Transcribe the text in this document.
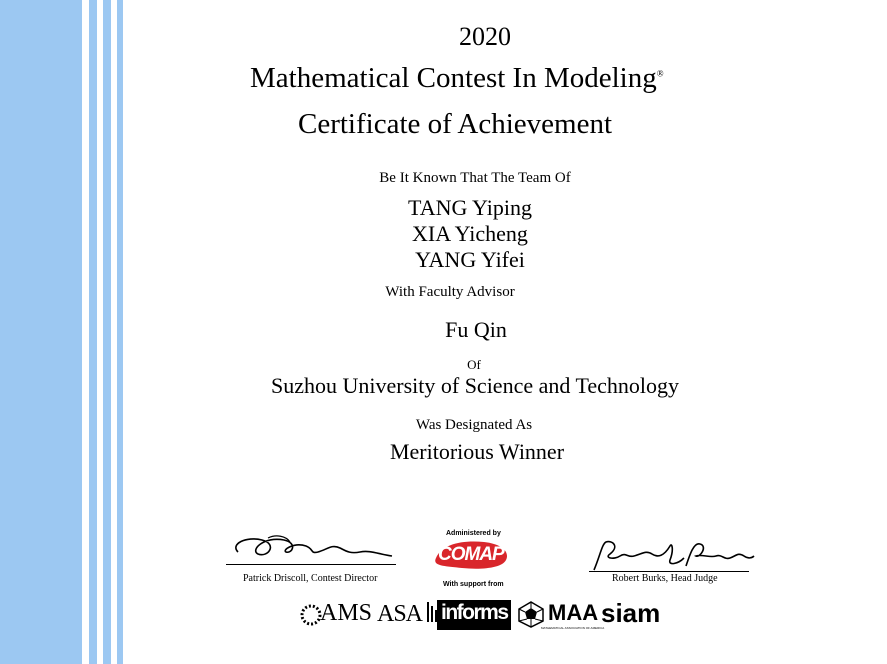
2020
Mathematical Contest In Modeling®
Certificate of Achievement
Be It Known That The Team Of
TANG Yiping
XIA Yicheng
YANG Yifei
With Faculty Advisor
Fu Qin
Of
Suzhou University of Science and Technology
Was Designated As
Meritorious Winner
Patrick Driscoll, Contest Director	Robert Burks, Head Judge
Administered by
COMAP
With support from
AMS ASA informs MAA
MATHEMATICAL ASSOCIATION OF AMERICA
siam
